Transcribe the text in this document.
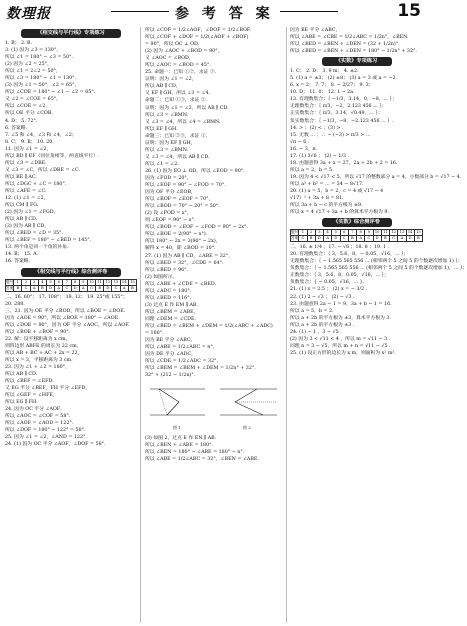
数理报	参 考 答 案	15
《相交线与平行线》专项练习
1. B； 2. B.
3. (1) 因为 ∠3 = 130°，
所以 ∠1 = 180° − ∠3 = 50°.
(2) 因为 ∠2 = 25°，
所以 ∠1 = 2∠2 = 50°，
所以 ∠3 = 180° − ∠1 = 130°.
(3) 因为 ∠1 = 50°，∠2 = 65°，
所以 ∠COE = 180° − ∠1 − ∠2 = 65°.
又 ∠2 = ∠COE = 65°，
所以 ∠COE = ∠2，
所以 OE 平分 ∠COB.
4. D； 5. 72°.
6. 答案略.
7. ∠5 和 ∠4，∠3 和 ∠4，∠2；
8. C； 9. B； 10. 20.
11. 因为 ∠1 = ∠2，
所以 BD ∥ EF（同位角相等，两直线平行）.
所以 ∠3 = ∠DBE.
又 ∠3 = ∠C，所以 ∠DBE = ∠C.
所以 BE ∥ AC.
所以 ∠DGC + ∠C = 180°.
所以 ∠AFE = ∠C.
12. (1) ∠1 = ∠2，
所以 CM ∥ FG.
(2) 因为 ∠1 = ∠FGD，
所以 AB ∥ CD.
(3) 因为 AB ∥ CD，
所以 ∠BED = ∠D = 35°.
所以 ∠BEF = 180° − ∠BED = 145°.
13. 两个角是同一个角的补角.
14. B； 15. A.
16. 答案略.
《相交线与平行线》综合测评卷
题号	1	2	3	4	5	6	7	8	9	10	11	12	13	14	15
答案	B	C	A	B	D	A	C	D	A	C	B	D	C	A	B
二、16. 60°； 17. 108°； 18. 12； 19. 25°或 155°；
20. 288.
三、21. 因为 OE 平分 ∠BOD，所以 ∠BOE = ∠DOE.
因为 ∠AOE = 90°，所以 ∠BOE = 180° − ∠AOE.
所以 ∠DOE = 90°，因为 OF 平分 ∠AOC，所以 ∠AOF.
所以 ∠BOE + ∠BOF = 90°.
22. 解：设平移距离为 x cm，
则四边形 ABFE 的周长为 22 cm，
所以 AB + BC + AC + 2x = 22，
所以 x = 3，平移距离为 3 cm.
23. 因为 ∠1 + ∠2 = 180°，
所以 AB ∥ CD.
所以 ∠BEF = ∠EFD.
又 EG 平分 ∠BEF，FH 平分 ∠EFD，
所以 ∠GEF = ∠HFE，
所以 EG ∥ FH.
24. 因为 OC 平分 ∠AOF，
所以 ∠AOC = ∠COF = 58°.
所以 ∠AOF = ∠AOD = 122°.
所以 ∠DOF = 180° − 122° = 58°.
25. 因为 ∠1 = ∠2，∠AND = 122°.
24. (1) 因为 OC 平分 ∠AOF，∠DOF = 58°.
所以 ∠COF = 1/2∠AOF，∠DOF = 1/2∠BOF.
所以 ∠COF + ∠DOF = 1/2(∠AOF + ∠BOF)
= 90°，所以 OC ⊥ OD.
(2) 因为 ∠AOC + ∠BOD = 90°，
又 ∠AOC = ∠BOD，
所以 ∠AOC = ∠BOD = 45°.
25. 命题一：已知 ①②，求证 ③.
证明：因为 ∠1 = ∠2，
所以 AB ∥ CD，
又 EF ∥ GH，所以 ∠3 = ∠4.
命题二：已知 ①③，求证 ②.
证明：因为 ∠1 = ∠2，所以 AB ∥ CD.
所以 ∠3 = ∠BMN.
又 ∠3 = ∠4，所以 ∠4 = ∠BMN.
所以 EF ∥ GH.
命题三：已知 ②③，求证 ①.
证明：因为 EF ∥ GH，
所以 ∠3 = ∠BMN.
又 ∠3 = ∠4，所以 AB ∥ CD.
所以 ∠1 = ∠2.
26. (1) 因为 EO ⊥ OD，所以 ∠EOD = 90°.
因为 ∠FOD = 20°，
所以 ∠EOF = 90° − ∠FOD = 70°.
因为 OF 平分 ∠EOB，
所以 ∠BOF = ∠EOF = 70°，
所以 ∠BOD = 70° − 20° = 50°.
(2) 设 ∠FOD = x°，
则 ∠EOF = 90° − x°.
所以 ∠BOD = ∠EOF − ∠FOD = 90° − 2x°.
所以 ∠BOE = 2(90° − x°).
所以 180° − 2x = 3(90° − 2x)，
解得 x = 40，即 ∠BOD = 10°.
27. (1) 因为 AB ∥ CD，∠ABE = 32°，
所以 ∠BED = 32°，∠CDE = 64°.
所以 ∠BED = 96°.
(2) 如图所示，
所以 ∠ABE + ∠CDE = ∠BED.
所以 ∠ADC = 180°.
所以 ∠BED = 116°.
(3) 过点 E 作 EM ∥ AB.
所以 ∠BEM = ∠ABE，
同理 ∠DEM = ∠CDE.
所以 ∠BED = ∠BEM + ∠DEM = 1/2(∠ABC + ∠ADC)
= 180°.
因为 BE 平分 ∠ABC，
所以 ∠ABE = 1/2∠ABC = n°，
因为 DE 平分 ∠ADC，
所以 ∠CDE = 1/2∠ADC = 32°.
所以 ∠BEM = ∠BEM + ∠DEM = 1/2n° + 32°.
32° + (212 − 1/2n)°.
图 1	图 2
(3) 如图 2，过点 E 作 EN ∥ AB.
所以 ∠BEN + ∠ABE = 180°.
所以 ∠BEN = 180° − ∠ABE = 180° − n°.
所以 ∠ABE = 1/2∠ABC = 32°，∠BEN = ∠ABE.
因为 BE 平分 ∠ABC，
所以 ∠ABE = ∠CBE = 1/2∠ABC = 1/2n°，∠BEN.
所以 ∠BED = ∠BEN + ∠DEN = (32 + 1/2n)°.
所以 ∠BED = ∠BEN + ∠DEN = 180° − 1/2n° + 32°.
《实数》专项练习
1. C； 2. D； 3. 9 m； 4. ±2.
5. (1) a = ±3； (2) ±8； (3) a = 3 或 a = −2.
6. x = 2； 7. 7； 8. − 2/27； 9. 3；
10. D； 11. 0； 12. 1 − 2a.
13. 有理数集合：｛ −1/3，3.14，0，−8，... ｝；
无理数集合：｛ π/3，−2，2.123 456 ... ｝；
正实数集合：｛ π/3，3.14，√0.49，... ｝；
负实数集合：｛ −1/3，−8，−2.123 456 ... ｝.
14. > ；(2) < ；(3) > .
15. 无数 ... ；∴ − (−3) > π/3 > ...
√π − 6 .
16. − 3，π.
17. (1) 3√6 ； (2) − 1/3 .
18. 由题意得 3a + x = 27，2a + 2b + 2 = 16.
所以 a = 2，b = 5.
19. 因为 4 < √17 < 5，所以 √17 的整数部分 a = 4，小数部分 b = √17 − 4.
所以 a² + b² = ... = 34 − 8√17.
20. (1) a = 5，b = 2，c = 4 或 √17 − 4
√17）² + 3a + 8 = 81.
所以 3a + b − c 的平方根为 ±9.
所以 x = 4 √17 + 3a + b 的算术平方根为 9.
《实数》综合测评卷
题号	1	2	3	4	5	6	7	8	9	10	11	12	13	14	15
答案	C	B	D	A	D	C	B	A	C	D	B	C	A	D	B
二、16. ± 1/4 ；17. − √6 ；18. 8 ；19. 1 .
20. 有理数集合：｛ 3，5.6，8，− 0.05，√16，... ｝；
无理数集合：｛ − 1.565 565 556 ... (相邻两个 5 之间 5 的个数逐次增加 1) ｝；
负数集合：｛ − 1.565 565 556 ... (相邻两个 5 之间 5 的个数逐次增加 1)，... ｝；
正数集合：｛ 3，5.6，8，0.05，√16，... ｝；
负数集合：{ − 0.05，√16，... }.
21. (1) x = 2.5 ； (2) x = − 3/2 .
22. (1) 2 − √3 ； (2) − √3 .
23. 由题意得 2a − 1 = 9，3a + b − 1 = 16.
所以 a = 5，b = 2.
所以 a + 2b 的平方根为 ±3，算术平方根为 3.
所以 a + 2b 的平方根为 ±3 .
24. (1) − 1 ，3 − √5 .
(2) 因为 3 < √11 < 4 ，所以 m = √11 − 3 .
同理 n = 3 − √5，所以 m + n = √11 − √5 .
25. (1) 设正方形的边长为 x m，则面积为 x² m².
